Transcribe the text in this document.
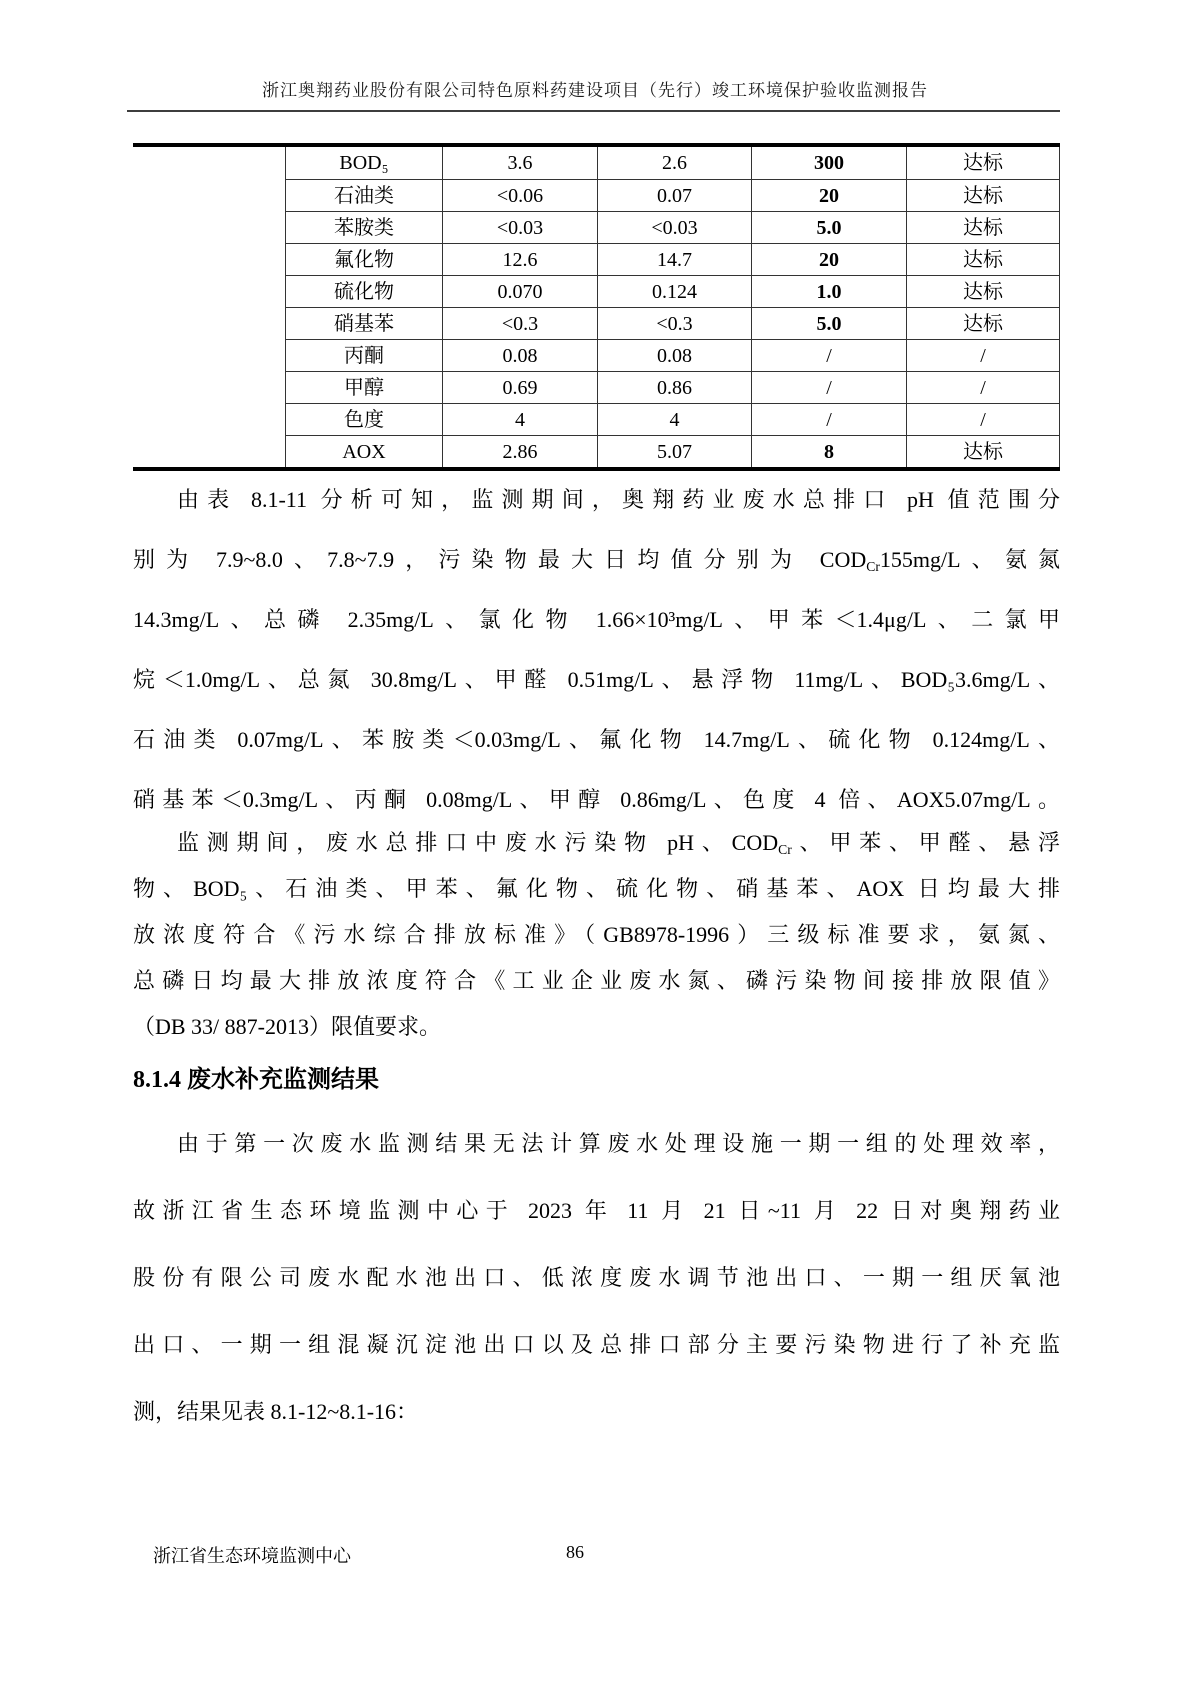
浙江奥翔药业股份有限公司特色原料药建设项目（先行）竣工环境保护验收监测报告
BOD₅	3.6	2.6	300	达标
石油类	<0.06	0.07	20	达标
苯胺类	<0.03	<0.03	5.0	达标
氟化物	12.6	14.7	20	达标
硫化物	0.070	0.124	1.0	达标
硝基苯	<0.3	<0.3	5.0	达标
丙酮	0.08	0.08	/	/
甲醇	0.69	0.86	/	/
色度	4	4	/	/
AOX	2.86	5.07	8	达标
由表 8.1-11 分析可知，监测期间，奥翔药业废水总排口 pH 值范围分
别为 7.9~8.0、7.8~7.9，污染物最大日均值分别为 $COD_{Cr}155mg/L$、氨氮
14.3mg/L、总磷 2.35mg/L、氯化物 1.66×10³mg/L、甲苯＜1.4μg/L、二氯甲
烷＜1.0mg/L、总氮 30.8mg/L、甲醛 0.51mg/L、悬浮物 11mg/L、BOD₅3.6mg/L、
石油类 0.07mg/L、苯胺类＜0.03mg/L、氟化物 14.7mg/L、硫化物 0.124mg/L、
硝基苯＜0.3mg/L、丙酮 0.08mg/L、甲醇 0.86mg/L、色度 4 倍、AOX5.07mg/L。
监测期间，废水总排口中废水污染物 pH、$COD_{Cr}$、甲苯、甲醛、悬浮
物、BOD₅、石油类、甲苯、氟化物、硫化物、硝基苯、AOX 日均最大排
放浓度符合《污水综合排放标准》（GB8978-1996）三级标准要求，氨氮、
总磷日均最大排放浓度符合《工业企业废水氮、磷污染物间接排放限值》
（DB 33/ 887-2013）限值要求。
8.1.4 废水补充监测结果
由于第一次废水监测结果无法计算废水处理设施一期一组的处理效率，
故浙江省生态环境监测中心于 2023 年 11 月 21 日~11 月 22 日对奥翔药业
股份有限公司废水配水池出口、低浓度废水调节池出口、一期一组厌氧池
出口、一期一组混凝沉淀池出口以及总排口部分主要污染物进行了补充监
测，结果见表 8.1-12~8.1-16：
浙江省生态环境监测中心	86
